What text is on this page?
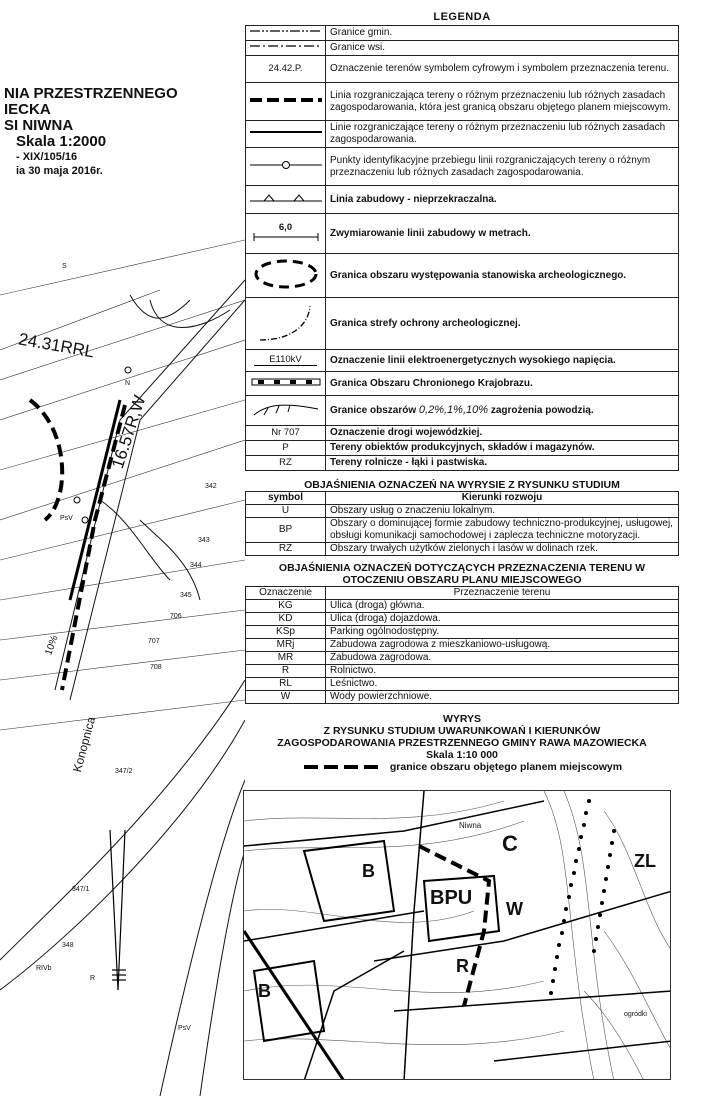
NIA PRZESTRZENNEGO
IECKA
SI NIWNA
Skala 1:2000
- XIX/105/16
ia 30 maja 2016r.
S
24.31RRL
16.57R,W
342
343
344
345
706
707
708
10%
Konopnica 347/2
347/1
348
RIVb
R
PsV
N
PsV
LEGENDA
	Granice gmin.
	Granice wsi.
24.42.P.	Oznaczenie terenów symbolem cyfrowym i symbolem przeznaczenia terenu.
	Linia rozgraniczająca tereny o różnym przeznaczeniu lub różnych zasadach zagospodarowania, która jest granicą obszaru objętego planem miejscowym.
	Linie rozgraniczające tereny o różnym przeznaczeniu lub różnych zasadach zagospodarowania.
	Punkty identyfikacyjne przebiegu linii rozgraniczających tereny o różnym przeznaczeniu lub różnych zasadach zagospodarowania.
	Linia zabudowy - nieprzekraczalna.

6,0	Zwymiarowanie linii zabudowy w metrach.
	Granica obszaru występowania stanowiska archeologicznego.
	Granica strefy ochrony archeologicznej.

E110kV	Oznaczenie linii elektroenergetycznych wysokiego napięcia.
	Granica Obszaru Chronionego Krajobrazu.
	Granice obszarów 0,2%,1%,10% zagrożenia powodzią.
Nr 707	Oznaczenie drogi wojewódzkiej.
P	Tereny obiektów produkcyjnych, składów i magazynów.
RZ	Tereny rolnicze - łąki i pastwiska.
OBJAŚNIENIA OZNACZEŃ NA WYRYSIE Z RYSUNKU STUDIUM
symbol	Kierunki rozwoju
U	Obszary usług o znaczeniu lokalnym.
BP	Obszary o dominującej formie zabudowy techniczno-produkcyjnej, usługowej, obsługi komunikacji samochodowej i zaplecza techniczne motoryzacji.
RZ	Obszary trwałych użytków zielonych i lasów w dolinach rzek.
OBJAŚNIENIA OZNACZEŃ DOTYCZĄCYCH PRZEZNACZENIA TERENU W
OTOCZENIU OBSZARU PLANU MIEJSCOWEGO
Oznaczenie	Przeznaczenie terenu
KG	Ulica (droga) główna.
KD	Ulica (droga) dojazdowa.
KSp	Parking ogólnodostępny.
MRj	Zabudowa zagrodowa z mieszkaniowo-usługową.
MR	Zabudowa zagrodowa.
R	Rolnictwo.
RL	Leśnictwo.
W	Wody powierzchniowe.
WYRYS
Z RYSUNKU STUDIUM UWARUNKOWAŃ I KIERUNKÓW
ZAGOSPODAROWANIA PRZESTRZENNEGO GMINY RAWA MAZOWIECKA
Skala 1:10 000
granice obszaru objętego planem miejscowym
Niwna
BPU W
R
B
B
C
ZL
ogródki
